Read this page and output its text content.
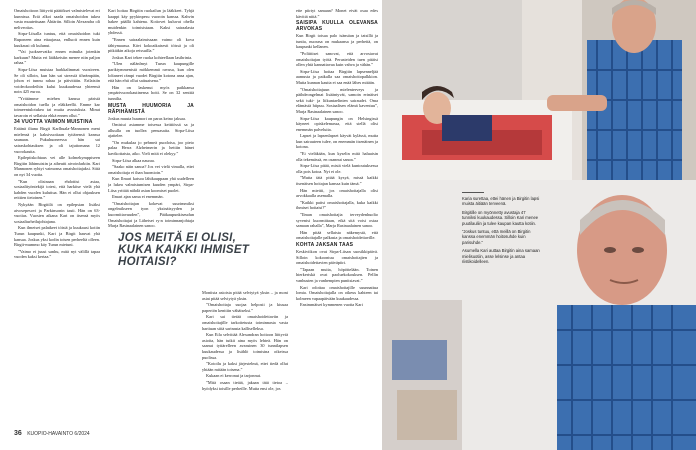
Omaishoitoon liittyvät päätökset valmistelevat eri kunnissa. Eriä alkoi saada omaishoidon tukea vasta muutettuaan Ähtäriin. Silloin Alexandra oli neliveotias.

Sirpa-Liisalla tuntuu, että omaishoidon tuki Ruponeen aina ettaajassa, enlluoit ennen kuin kuukausi oli kulunut.

”Vai juokseevatko ennen minulta jotenkin karkuun? Mutta eri lääkkeisiin menee niin paljon rahaa.”

Sirpa-Liisa muistaa harkkalimmat vuosireen. Se oli silloin, kun hän sai strezsiä tiheämpään, johon ei tunnu rahaa ja päivittäin. Erilaisiin voideokoodeihin kului kuukaudessa yhteensä noin 425 euroa.

”Yrittämme miehen kanssa päristä omaishoidon tuella ja eläkkeellä. Emme kar toimeentulotukea tai muita avustuksia. Minut tavaroin ei sellaista ehkä ennen ollut.”

34 VUOTTA VAIMON MUISTINA

Eräänä iltana Birgit Karlhuala-Mannonen meni mielensä ja kaksivuotiaan tyttärensä kanssa saunaan. Pukuhuoneessa hän sai sairaskohtauksen ja oli tajuttomana 12 vuorokautta.

Epileptiskohtaus vei alle kolmekymppiseen Birgitin lähimuistin ja aiheutti aivoinfarktin. Kari Mannonen ryhtyi vaimonsa omaishoitajaksi. Siitä on nyt 34 vuotta.

”Kun olisinaan ehdottisi asiaa, sosiaalityöntekijä totesi, että harkitse vielä yhä kahden vuoden kuluttua. Hän ei ollut ohjauksen reittien tietoinen.”

Nykyään Birgitilä on epilepsian lisäksi aivosepesovi ja Parkinsonin tauti. Hän on 63-vuotias. Vuosien aikana Kari on itsensä myös sosiaaliurheilujohtajana.

Kun ilmeiset palatkeet töistä ja kuukausi kotiin Turun kaupunki, Kari ja Birgit hauvat yhä kansaa. Joskus yksi kodin toisen perheeltä olleen. Birgit-mummo käy Turun mietuni.

”Vaimo ei juust sanhu, mitä nyt välillä tapaa vuoden kaksi kertaa.”

Kari hoitaa Birgitin ruokailun ja lääkkeet. Tyhjä kaappi käy pyykinpesu vuoroin kanssa. Kahvin hakee päällä kahtena. Kotiovet kuluvat ohella muidenkin toimisistaan. Kaksi sairaalasta yhdessä.

”Ennen sairaalaimissaan vaimo oli kova tähtymaassa. Kävi kokoaikaisesti töissä ja oli pitkiäkin aikoja reissuilla.”

Joskus Kari tekee ruoka kohteellaan lasihrinia.

”Ulen nälänlmyt Turun kaupungille pariktymmenistä mökkemmä ravusa, kun olen loltaneet rämpi vuodet Birgitin kotona ansa ajan, että hän ehti ollut saituaisena.”

Hän on laskenut myös paikkansa ympärivuorokautinensa hoiti. Se on 32 senttiä tunnilta.

MUSTA HUUMORIA JA RÄPIHÄMISTÄ

Joskus muuta huumori on paras keino jaksaa.

Omistui asiamme toisessa keittiössä sa ja alluulla on tuollea pensasaita. Sirpa-Liisa ajattelee.

”On mukulaa jo pehmeä puodoisa, joo pieto palaa Herra Alzheimerin ja hettiin hänet kavtkottaista, aiko. Vieli mitä ei olekyy.”

Sirpa-Liisa alkaa nauraa.

”Saako näin sanoa? Jos vei vielä vimalla, ettei omaishoitaja ei ihan huomioin.”

Kun Ilmari katsoa lähikauppaan yhä uudelleen ja lukea valmistumisen kuuden ympäri, Sirpa-Liisa yrittää nähdä asian koomiset puolet.

Ilmari ajan sama ei enemmän.

”Omaishoitajan kokevat suurimmiksi ongelmikseen tyon yksinäisyyden ja kuormittavuuden”, Pääkaupunkiseudun Omaishoitajat ja Läheiset ry:n toiminnanjohtaja Marja Rasinaalainen sanoo.

JOS MEITÄ EI OLISI, KUKA KAIKKI IHMISET HOITAISI?

Moniista asioista pitää selviytyä yksin – ja moni asiat pitää selviytyä yksin.

”Omaishoitaja suojaa helposti ja kiusaa papertön kenttiin vähäiseksi.”

Kari sai tietää omaishoidettaviin ja omaishoitajille tarkoitetusta toiminnasta vasta hartiuan siitä sarinasta kalliselleksa.

Kun Eila selvittää Alexandran hoitoon liittyviä asioita, hän tutkii aina myös lehteä. Hän on saanut tyttärelleen avaruinen 30 tunnilapsen kuukaudessa ja lisählö toimisina oikeissa puolissa.

”Kotoilu ja kaksi järjestelmä, ettei tiedä ollut yhtään mitään toisena.”

Kukaan ei kerronut ja tarjonnut.

”Mitä osaan tietää, jakaan tätä tietoa – hyödyksi toisille perheille. Mutta ensi ole, jos

ette piirtyt samaan? Monet eivät osaa edes kävittä niitä.”

SAISIPA KUULLA OLEVANSA ARVOKAS

Kun Birgit toisaa palo isänsäan ja tatsillä ja tuntia, nuorasa on mukaansa ja perheitä, on kaupunki kellanen.

”Poliittiset sanovat, että arvostavat omaishoitajan työtä. Perusteiden tuen pitäisi ollen yhtä kannattavaa kuin vahva ja vähän.”

Sirpa-Liisa hoitaa Birgitin lapsenneljää aamusta ja paikalla saa omaishoitopalkkion. Mutta kunnan kautta ei saa enää lähes mitään.

”Omaishoitajuun mielenterveys ja päihdeongelmat lisääntyvät, samoin erinäiset sekä tuki- ja liikuntaelinten sairaudet. Oma elämästä hiipuu. Sosiaalisen elämä kaventuu”, Marja Rasinaalainen sanoo.

Sirpa-Liisa kaupungin on Helsingissä käyneet opiskelemassa, että siellä olisi enemmän palveluita.

Lapset ja lapsenlapset käyvät kylässä, mutta kun sairauteen tulee, on enemmän itsenäinen ja kotona.

”Ei vieläkään, kun kyselin mitä haluaisin olla tekemässä, en osannut sanoa.”

Sirpa-Liisa pitää, mistä vielä kuntoutuksessa olla pois kotoa. Nyt ei ole.

”Mutta tätä pitää kysyä, missä kaikki itsenäisen hoitajan kanssa kuin tämä.”

Hän miettii, jos omaishoitajalla olisi arvokkaalla asemalla.

”Kaikki paitsi omaishoitajalla, kuka kaikki ihmiset hoitaisi?”

”Ilman omaishoitajia terveydenhuolto syvenisi kuormittaan, eikä sitä voisi ostaa samaan rahalla”, Marja Rasinaalainen sanoo.

Hän pitää sellaista näkemystä, että omaishoitajalle palkasta ja omaishoidettaville.

KOHTA JAKSAN TAAS

Keskiviikon ovat Sirpa-Liisan suosikkipäivä. Silloin kokoontuu omaishoitajien ja omaishoidettavien päiväpiiri.

”Tapaan muita, höpöttelään. Toinen hierkeriskä ovat paoluekokouksen. Pellin vanhusten ja vanhempien punitsiavat.”

Kari odottaa omaishoitajille suunnattua lomia. Omaishoitajalla on oikeus kahteen tai kolmeen vapaapäivään kuukaudessa.

Ensimmäiset kymmenen vuotta Kari

36 KUOPIO-HAVAINTO 6/2024

Karia surettaa, ettei hänen ja Birgitin lapsi muista äitiään terveenä.

Birgitille on myönnetty avustaja 47 tunniksi kuukaudessa. Silloin Kari menee puutilauliin ja tulee kaupan kautta kotiin.

”Joskus tuntuu, että meillä on Birgitin kanssa enemmän hoitosuhde kuin parisuhde.”

Asumella Kari auttaa Birgitin aina samaan mielisuotiin, asse lelsinse ja antaa riistikoidelleen.
